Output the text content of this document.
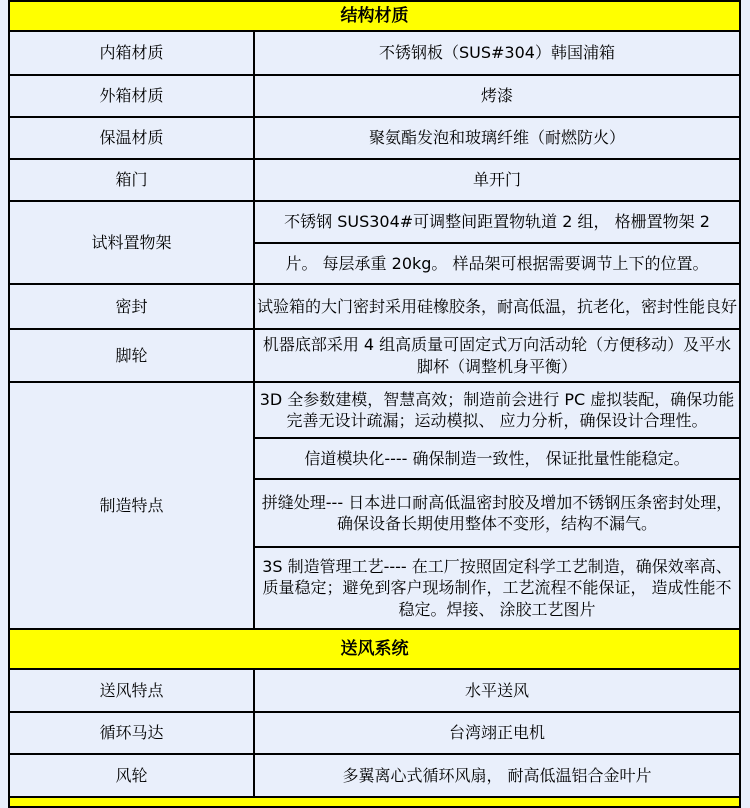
结构材质	
内箱材质	不锈钢板（SUS#304）韩国浦箱
外箱材质	烤漆
保温材质	聚氨酯发泡和玻璃纤维（耐燃防火）
箱门	单开门
试料置物架	不锈钢 SUS304#可调整间距置物轨道 2 组， 格栅置物架 2
	片。 每层承重 20kg。 样品架可根据需要调节上下的位置。
密封	试验箱的大门密封采用硅橡胶条，耐高低温，抗老化，密封性能良好
脚轮	机器底部采用 4 组高质量可固定式万向活动轮（方便移动）及平水脚杯（调整机身平衡）
制造特点	3D 全参数建模，智慧高效；制造前会进行 PC 虚拟装配，确保功能完善无设计疏漏；运动模拟、 应力分析，确保设计合理性。
	信道模块化---- 确保制造一致性， 保证批量性能稳定。
	拼缝处理--- 日本进口耐高低温密封胶及增加不锈钢压条密封处理，确保设备长期使用整体不变形，结构不漏气。
	3S 制造管理工艺---- 在工厂按照固定科学工艺制造，确保效率高、质量稳定；避免到客户现场制作，工艺流程不能保证， 造成性能不稳定。焊接、 涂胶工艺图片
送风系统	
送风特点	水平送风
循环马达	台湾翊正电机
风轮	多翼离心式循环风扇， 耐高低温铝合金叶片
